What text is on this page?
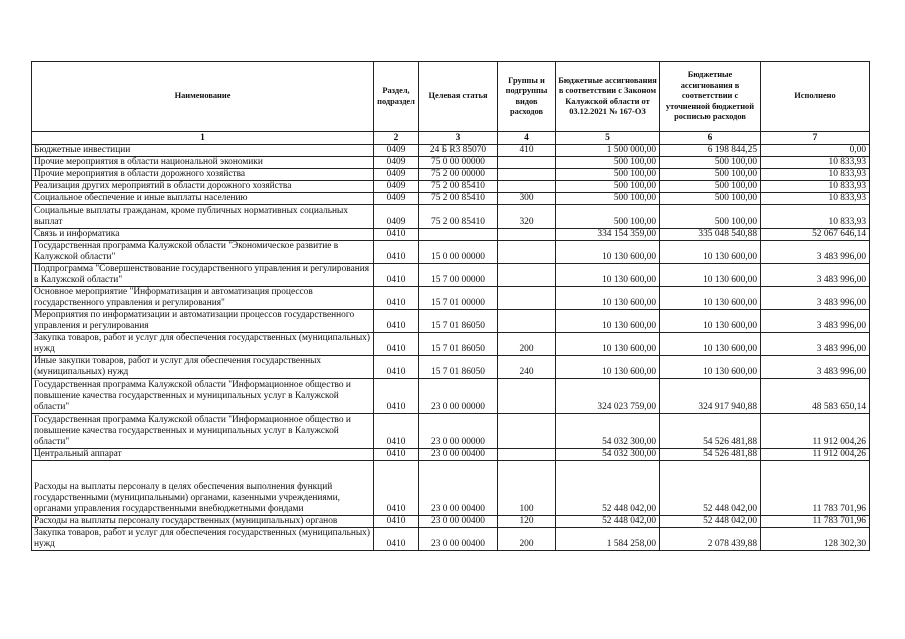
Наименование	Раздел, подраздел	Целевая статья	Группы и подгруппы видов расходов	Бюджетные ассигнования в соответствии с Законом Калужской области от 03.12.2021 № 167-ОЗ	Бюджетные ассигнования в соответствии с уточненной бюджетной росписью расходов	Исполнено
1	2	3	4	5	6	7
Бюджетные инвестиции	0409	24 Б R3 85070	410	1 500 000,00	6 198 844,25	0,00
Прочие мероприятия в области национальной экономики	0409	75 0 00 00000		500 100,00	500 100,00	10 833,93
Прочие мероприятия в области дорожного хозяйства	0409	75 2 00 00000		500 100,00	500 100,00	10 833,93
Реализация других мероприятий в области дорожного хозяйства	0409	75 2 00 85410		500 100,00	500 100,00	10 833,93
Социальное обеспечение и иные выплаты населению	0409	75 2 00 85410	300	500 100,00	500 100,00	10 833,93
Социальные выплаты гражданам, кроме публичных нормативных социальных выплат	0409	75 2 00 85410	320	500 100,00	500 100,00	10 833,93
Связь и информатика	0410			334 154 359,00	335 048 540,88	52 067 646,14
Государственная программа Калужской области "Экономическое развитие в Калужской области"	0410	15 0 00 00000		10 130 600,00	10 130 600,00	3 483 996,00
Подпрограмма "Совершенствование государственного управления и регулирования в Калужской области"	0410	15 7 00 00000		10 130 600,00	10 130 600,00	3 483 996,00
Основное мероприятие "Информатизация и автоматизация процессов государственного управления и регулирования"	0410	15 7 01 00000		10 130 600,00	10 130 600,00	3 483 996,00
Мероприятия по информатизации и автоматизации процессов государственного управления и регулирования	0410	15 7 01 86050		10 130 600,00	10 130 600,00	3 483 996,00
Закупка товаров, работ и услуг для обеспечения государственных (муниципальных) нужд	0410	15 7 01 86050	200	10 130 600,00	10 130 600,00	3 483 996,00
Иные закупки товаров, работ и услуг для обеспечения государственных (муниципальных) нужд	0410	15 7 01 86050	240	10 130 600,00	10 130 600,00	3 483 996,00
Государственная программа Калужской области "Информационное общество и повышение качества государственных и муниципальных услуг в Калужской области"	0410	23 0 00 00000		324 023 759,00	324 917 940,88	48 583 650,14
Государственная программа Калужской области "Информационное общество и повышение качества государственных и муниципальных услуг в Калужской области"	0410	23 0 00 00000		54 032 300,00	54 526 481,88	11 912 004,26
Центральный аппарат	0410	23 0 00 00400		54 032 300,00	54 526 481,88	11 912 004,26
Расходы на выплаты персоналу в целях обеспечения выполнения функций государственными (муниципальными) органами, казенными учреждениями, органами управления государственными внебюджетными фондами	0410	23 0 00 00400	100	52 448 042,00	52 448 042,00	11 783 701,96
Расходы на выплаты персоналу государственных (муниципальных) органов	0410	23 0 00 00400	120	52 448 042,00	52 448 042,00	11 783 701,96
Закупка товаров, работ и услуг для обеспечения государственных (муниципальных) нужд	0410	23 0 00 00400	200	1 584 258,00	2 078 439,88	128 302,30
